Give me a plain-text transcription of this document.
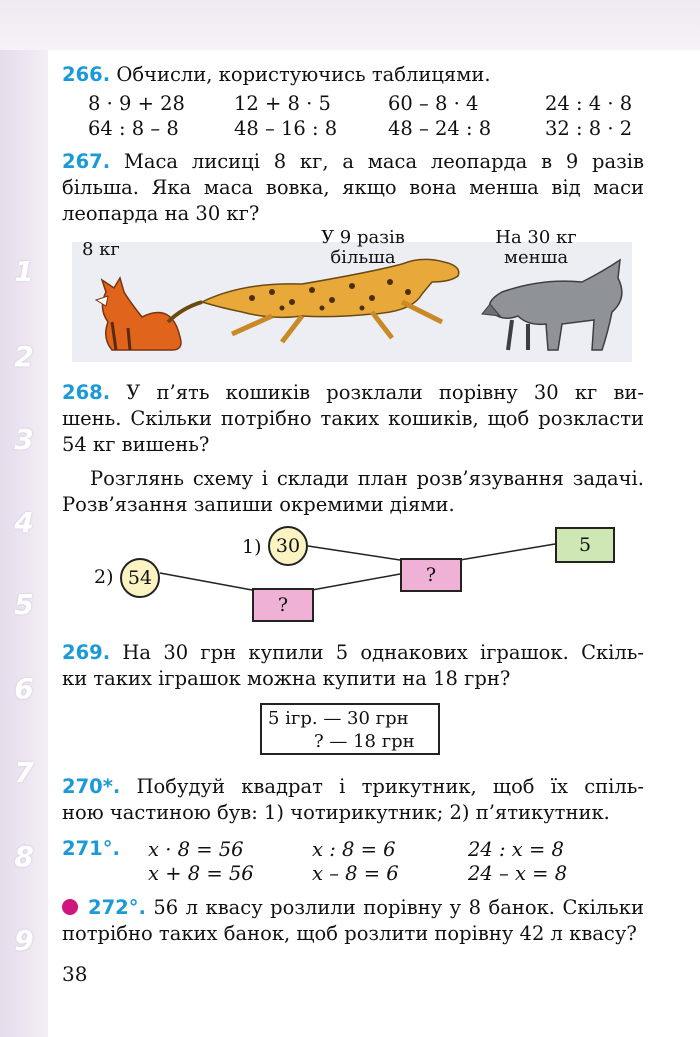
1
2
3
4
5
6
7
8
9
266. Обчисли, користуючись таблицями.
8 · 9 + 28	12 + 8 · 5	60 – 8 · 4	24 : 4 · 8
64 : 8 – 8	48 – 16 : 8	48 – 24 : 8	32 : 8 · 2
267. Маса лисиці 8 кг, а маса леопарда в 9 разів
більша. Яка маса вовка, якщо вона менша від маси
леопарда на 30 кг?
8 кг
У 9 разів
більша
На 30 кг
менша
268. У п’ять кошиків розклали порівну 30 кг ви-
шень. Скільки потрібно таких кошиків, щоб розкласти
54 кг вишень?
Розглянь схему і склади план розв’язування задачі.
Розв’язання запиши окремими діями.
1) 30	5
?
2) 54
?
269. На 30 грн купили 5 однакових іграшок. Скіль-
ки таких іграшок можна купити на 18 грн?
5 ігр. — 30 грн
? — 18 грн
270*. Побудуй квадрат і трикутник, щоб їх спіль-
ною частиною був: 1) чотирикутник; 2) п’ятикутник.
271°. x · 8 = 56	x : 8 = 6	24 : x = 8
x + 8 = 56	x – 8 = 6	24 – x = 8
272°. 56 л квасу розлили порівну у 8 банок. Скільки
потрібно таких банок, щоб розлити порівну 42 л квасу?
38
